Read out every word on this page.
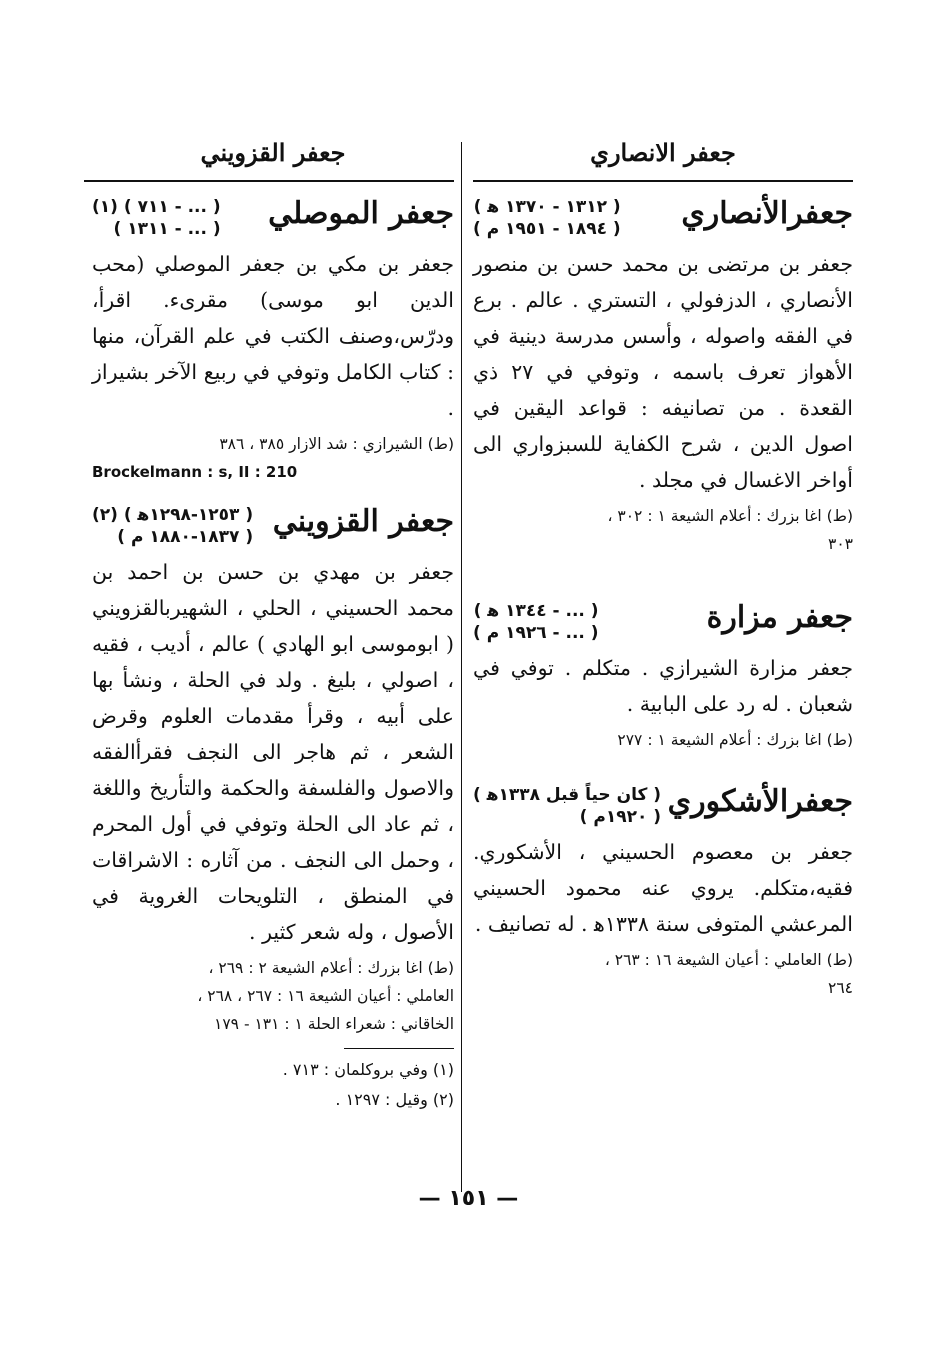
جعفر الانصاري
جعفرالأنصاري
( ١٣١٢ - ١٣٧٠ ﻫ )
( ١٨٩٤ - ١٩٥١ م )
جعفر بن مرتضى بن محمد حسن بن منصور الأنصاري ، الدزفولي ، التستري . عالم . برع في الفقه واصوله ، وأسس مدرسة دينية في الأهواز تعرف باسمه ، وتوفي في ٢٧ ذي القعدة . من تصانيفه : قواعد اليقين في اصول الدين ، شرح الكفاية للسبزواري الى أواخر الاغسال في مجلد .
(ط) اغا بزرك : أعلام الشيعة ١ : ٣٠٢ ،
٣٠٣
جعفر مزارة
( ... - ١٣٤٤ ﻫ )
( ... - ١٩٢٦ م )
جعفر مزارة الشيرازي . متكلم . توفي في شعبان . له رد على البابية .
(ط) اغا بزرك : أعلام الشيعة ١ : ٢٧٧
جعفرالأشكوري
( كان حياً قبل ١٣٣٨ﻫ )
( ١٩٢٠م )
جعفر بن معصوم الحسيني ، الأشكوري. فقيه،متكلم. يروي عنه محمود الحسيني المرعشي المتوفى سنة ١٣٣٨ﻫ . له تصانيف .
(ط) العاملي : أعيان الشيعة ١٦ : ٢٦٣ ،
٢٦٤
جعفر القزويني
جعفر الموصلي
( ... - ٧١١ ) (١)
( ... - ١٣١١ )
جعفر بن مكي بن جعفر الموصلي (محب الدين ابو موسى) مقرىء. اقرأ، ودرّس،وصنف الكتب في علم القرآن، منها : كتاب الكامل وتوفي في ربيع الآخر بشيراز .
(ط) الشيرازي : شد الازار ٣٨٥ ، ٣٨٦
Brockelmann : s, II : 210
جعفر القزويني
( ١٢٥٣-١٢٩٨ﻫ ) (٢)
( ١٨٣٧-١٨٨٠ م )
جعفر بن مهدي بن حسن بن احمد بن محمد الحسيني ، الحلي ، الشهيربالقزويني ( ابوموسى ابو الهادي ) عالم ، أديب ، فقيه ، اصولي ، بليغ . ولد في الحلة ، ونشأ بها على أبيه ، وقرأ مقدمات العلوم وقرض الشعر ، ثم هاجر الى النجف فقرأالفقه والاصول والفلسفة والحكمة والتأريخ واللغة ، ثم عاد الى الحلة وتوفي في أول المحرم ، وحمل الى النجف . من آثاره : الاشراقات في المنطق ، التلويحات الغروية في الأصول ، وله شعر كثير .
(ط) اغا بزرك : أعلام الشيعة ٢ : ٢٦٩ ،
العاملي : أعيان الشيعة ١٦ : ٢٦٧ ، ٢٦٨ ،
الخاقاني : شعراء الحلة ١ : ١٣١ - ١٧٩
(١) وفي بروكلمان : ٧١٣ .
(٢) وقيل : ١٢٩٧ .
— ١٥١ —
